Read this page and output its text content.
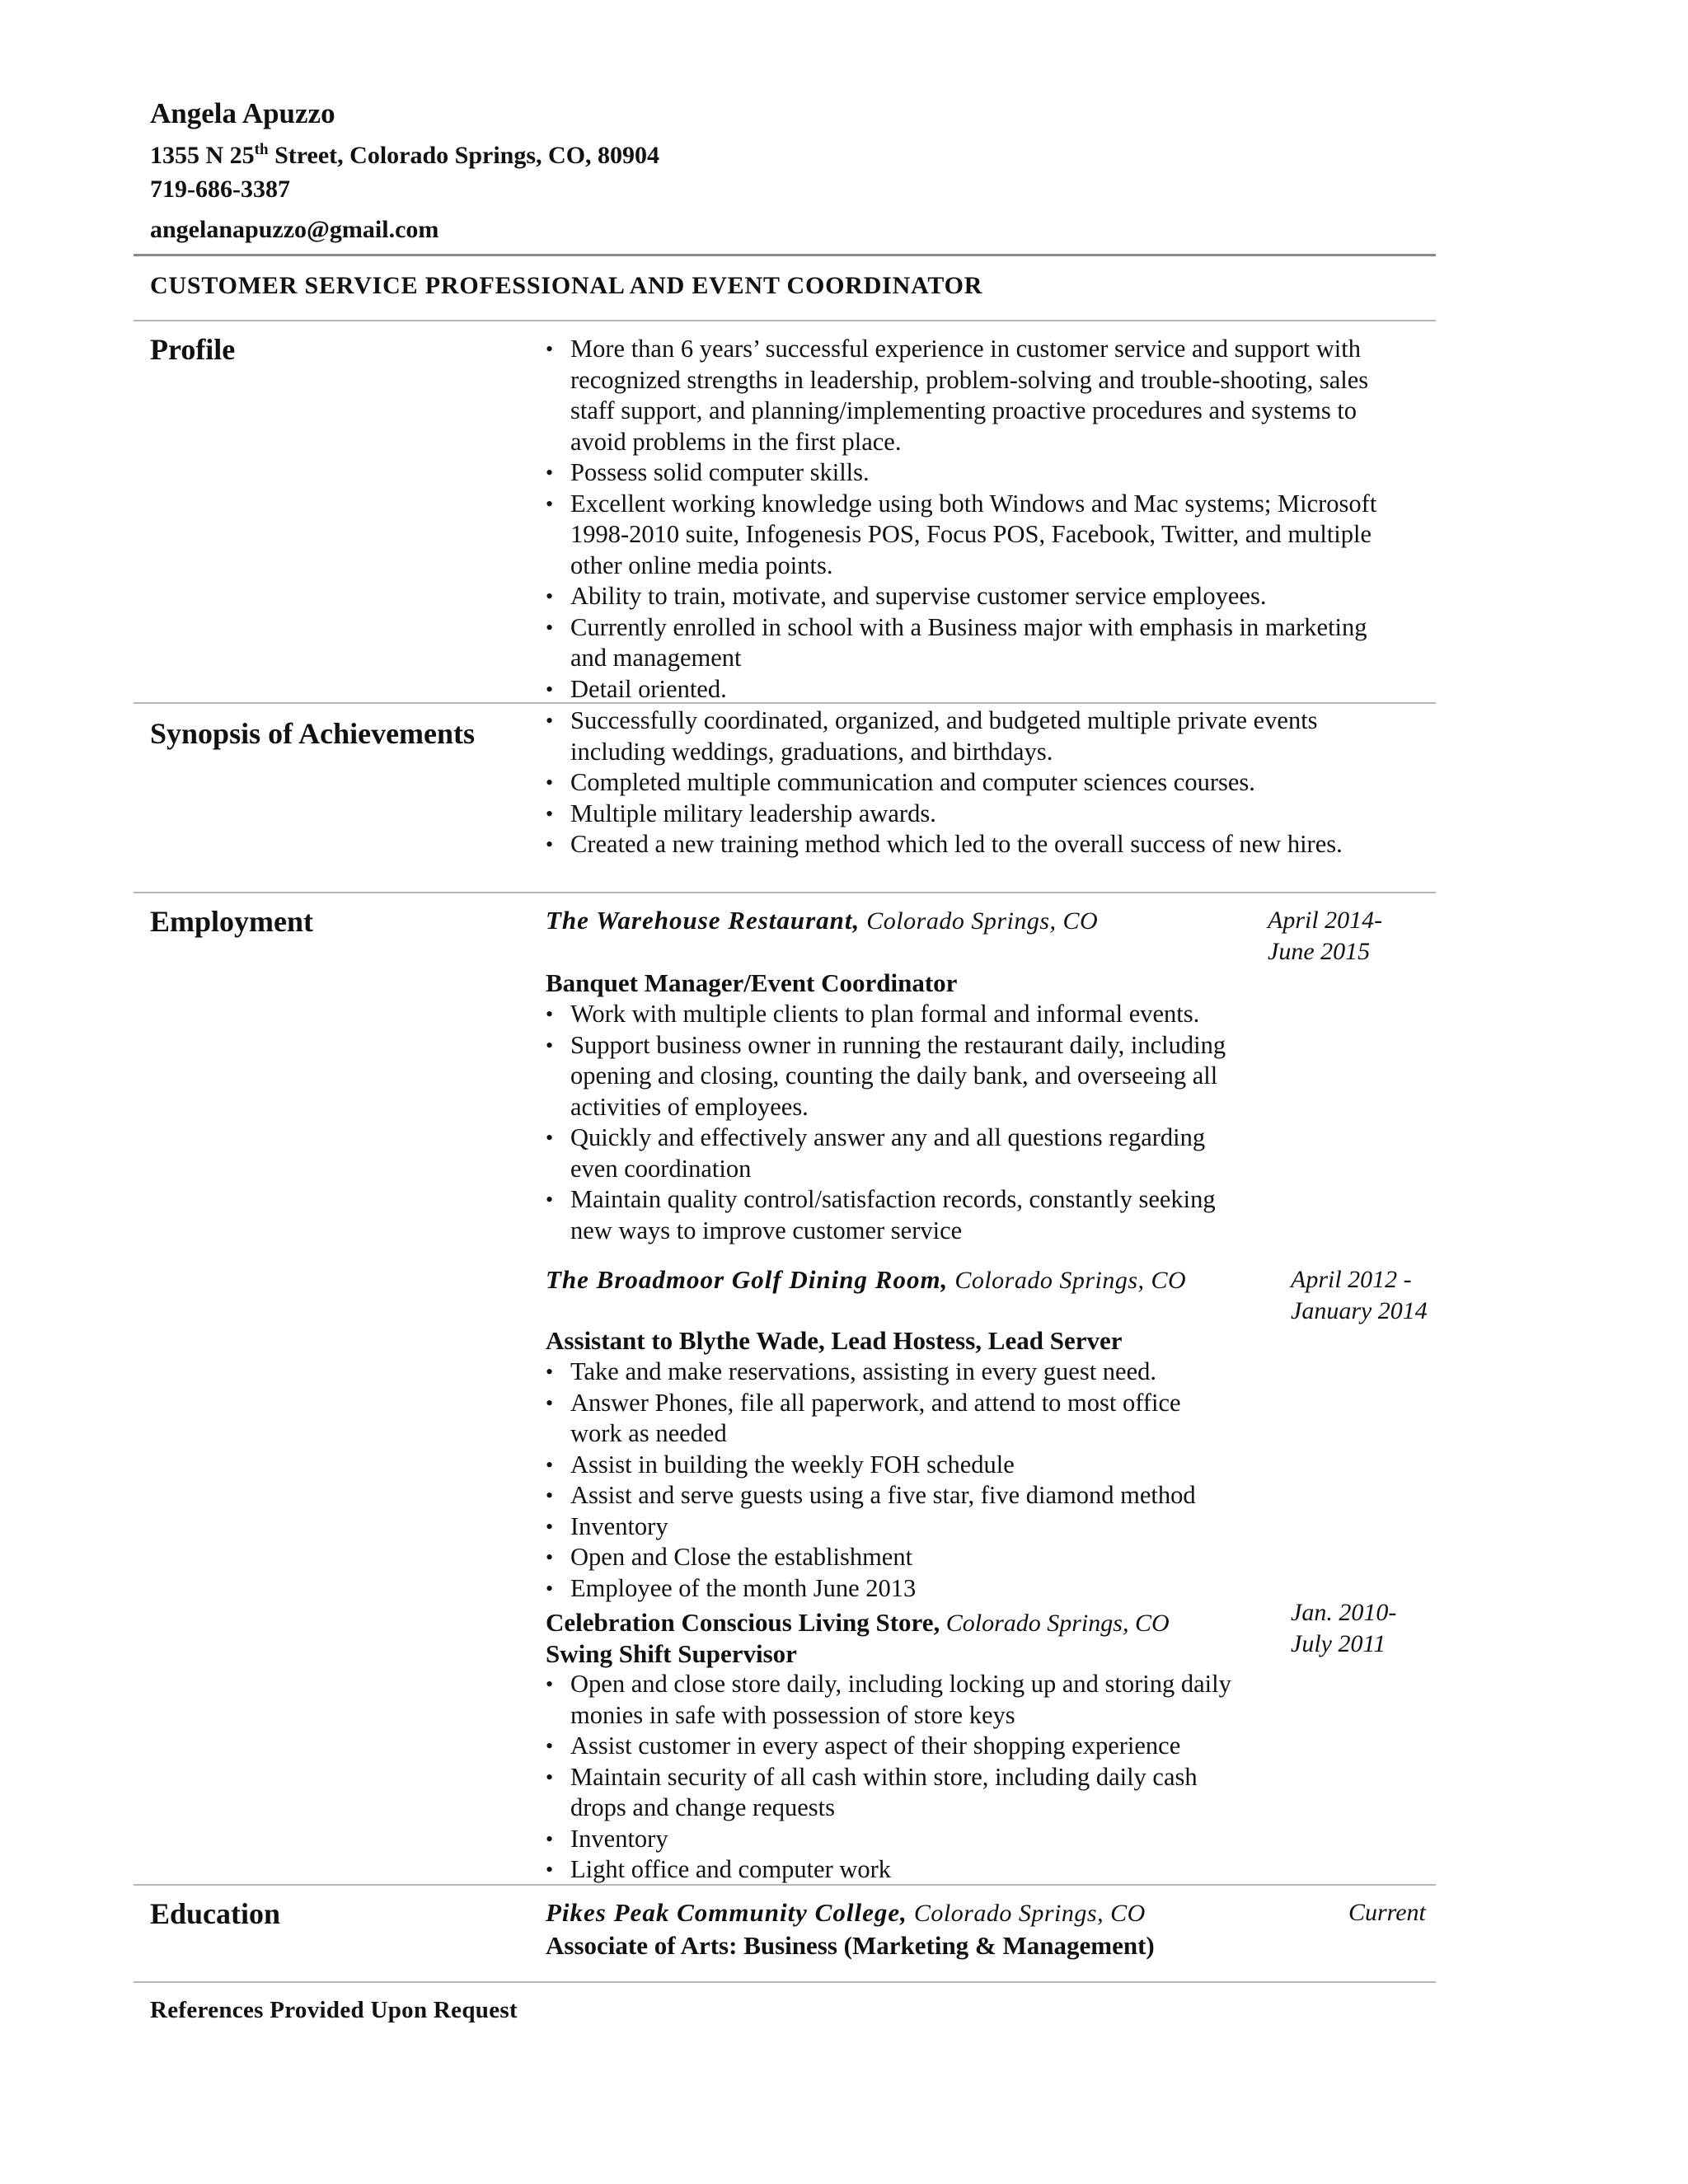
Angela Apuzzo
1355 N 25th Street, Colorado Springs, CO, 80904
719-686-3387
angelanapuzzo@gmail.com
CUSTOMER SERVICE PROFESSIONAL AND EVENT COORDINATOR
Profile	• More than 6 years’ successful experience in customer service and support with
recognized strengths in leadership, problem-solving and trouble-shooting, sales
staff support, and planning/implementing proactive procedures and systems to
avoid problems in the first place.
• Possess solid computer skills.
• Excellent working knowledge using both Windows and Mac systems; Microsoft
1998-2010 suite, Infogenesis POS, Focus POS, Facebook, Twitter, and multiple
other online media points.
• Ability to train, motivate, and supervise customer service employees.
• Currently enrolled in school with a Business major with emphasis in marketing
and management
• Detail oriented.
Synopsis of Achievements	• Successfully coordinated, organized, and budgeted multiple private events
including weddings, graduations, and birthdays.
• Completed multiple communication and computer sciences courses.
• Multiple military leadership awards.
• Created a new training method which led to the overall success of new hires.
Employment	The Warehouse Restaurant, Colorado Springs, CO	April 2014-
June 2015
Banquet Manager/Event Coordinator
• Work with multiple clients to plan formal and informal events.
• Support business owner in running the restaurant daily, including
opening and closing, counting the daily bank, and overseeing all
activities of employees.
• Quickly and effectively answer any and all questions regarding
even coordination
• Maintain quality control/satisfaction records, constantly seeking
new ways to improve customer service
The Broadmoor Golf Dining Room, Colorado Springs, CO	April 2012 -
January 2014
Assistant to Blythe Wade, Lead Hostess, Lead Server
• Take and make reservations, assisting in every guest need.
• Answer Phones, file all paperwork, and attend to most office
work as needed
• Assist in building the weekly FOH schedule
• Assist and serve guests using a five star, five diamond method
• Inventory
• Open and Close the establishment
• Employee of the month June 2013
Celebration Conscious Living Store, Colorado Springs, CO	Jan. 2010-
July 2011
Swing Shift Supervisor
• Open and close store daily, including locking up and storing daily
monies in safe with possession of store keys
• Assist customer in every aspect of their shopping experience
• Maintain security of all cash within store, including daily cash
drops and change requests
• Inventory
• Light office and computer work
Education	Pikes Peak Community College, Colorado Springs, CO	Current
Associate of Arts: Business (Marketing & Management)
References Provided Upon Request
